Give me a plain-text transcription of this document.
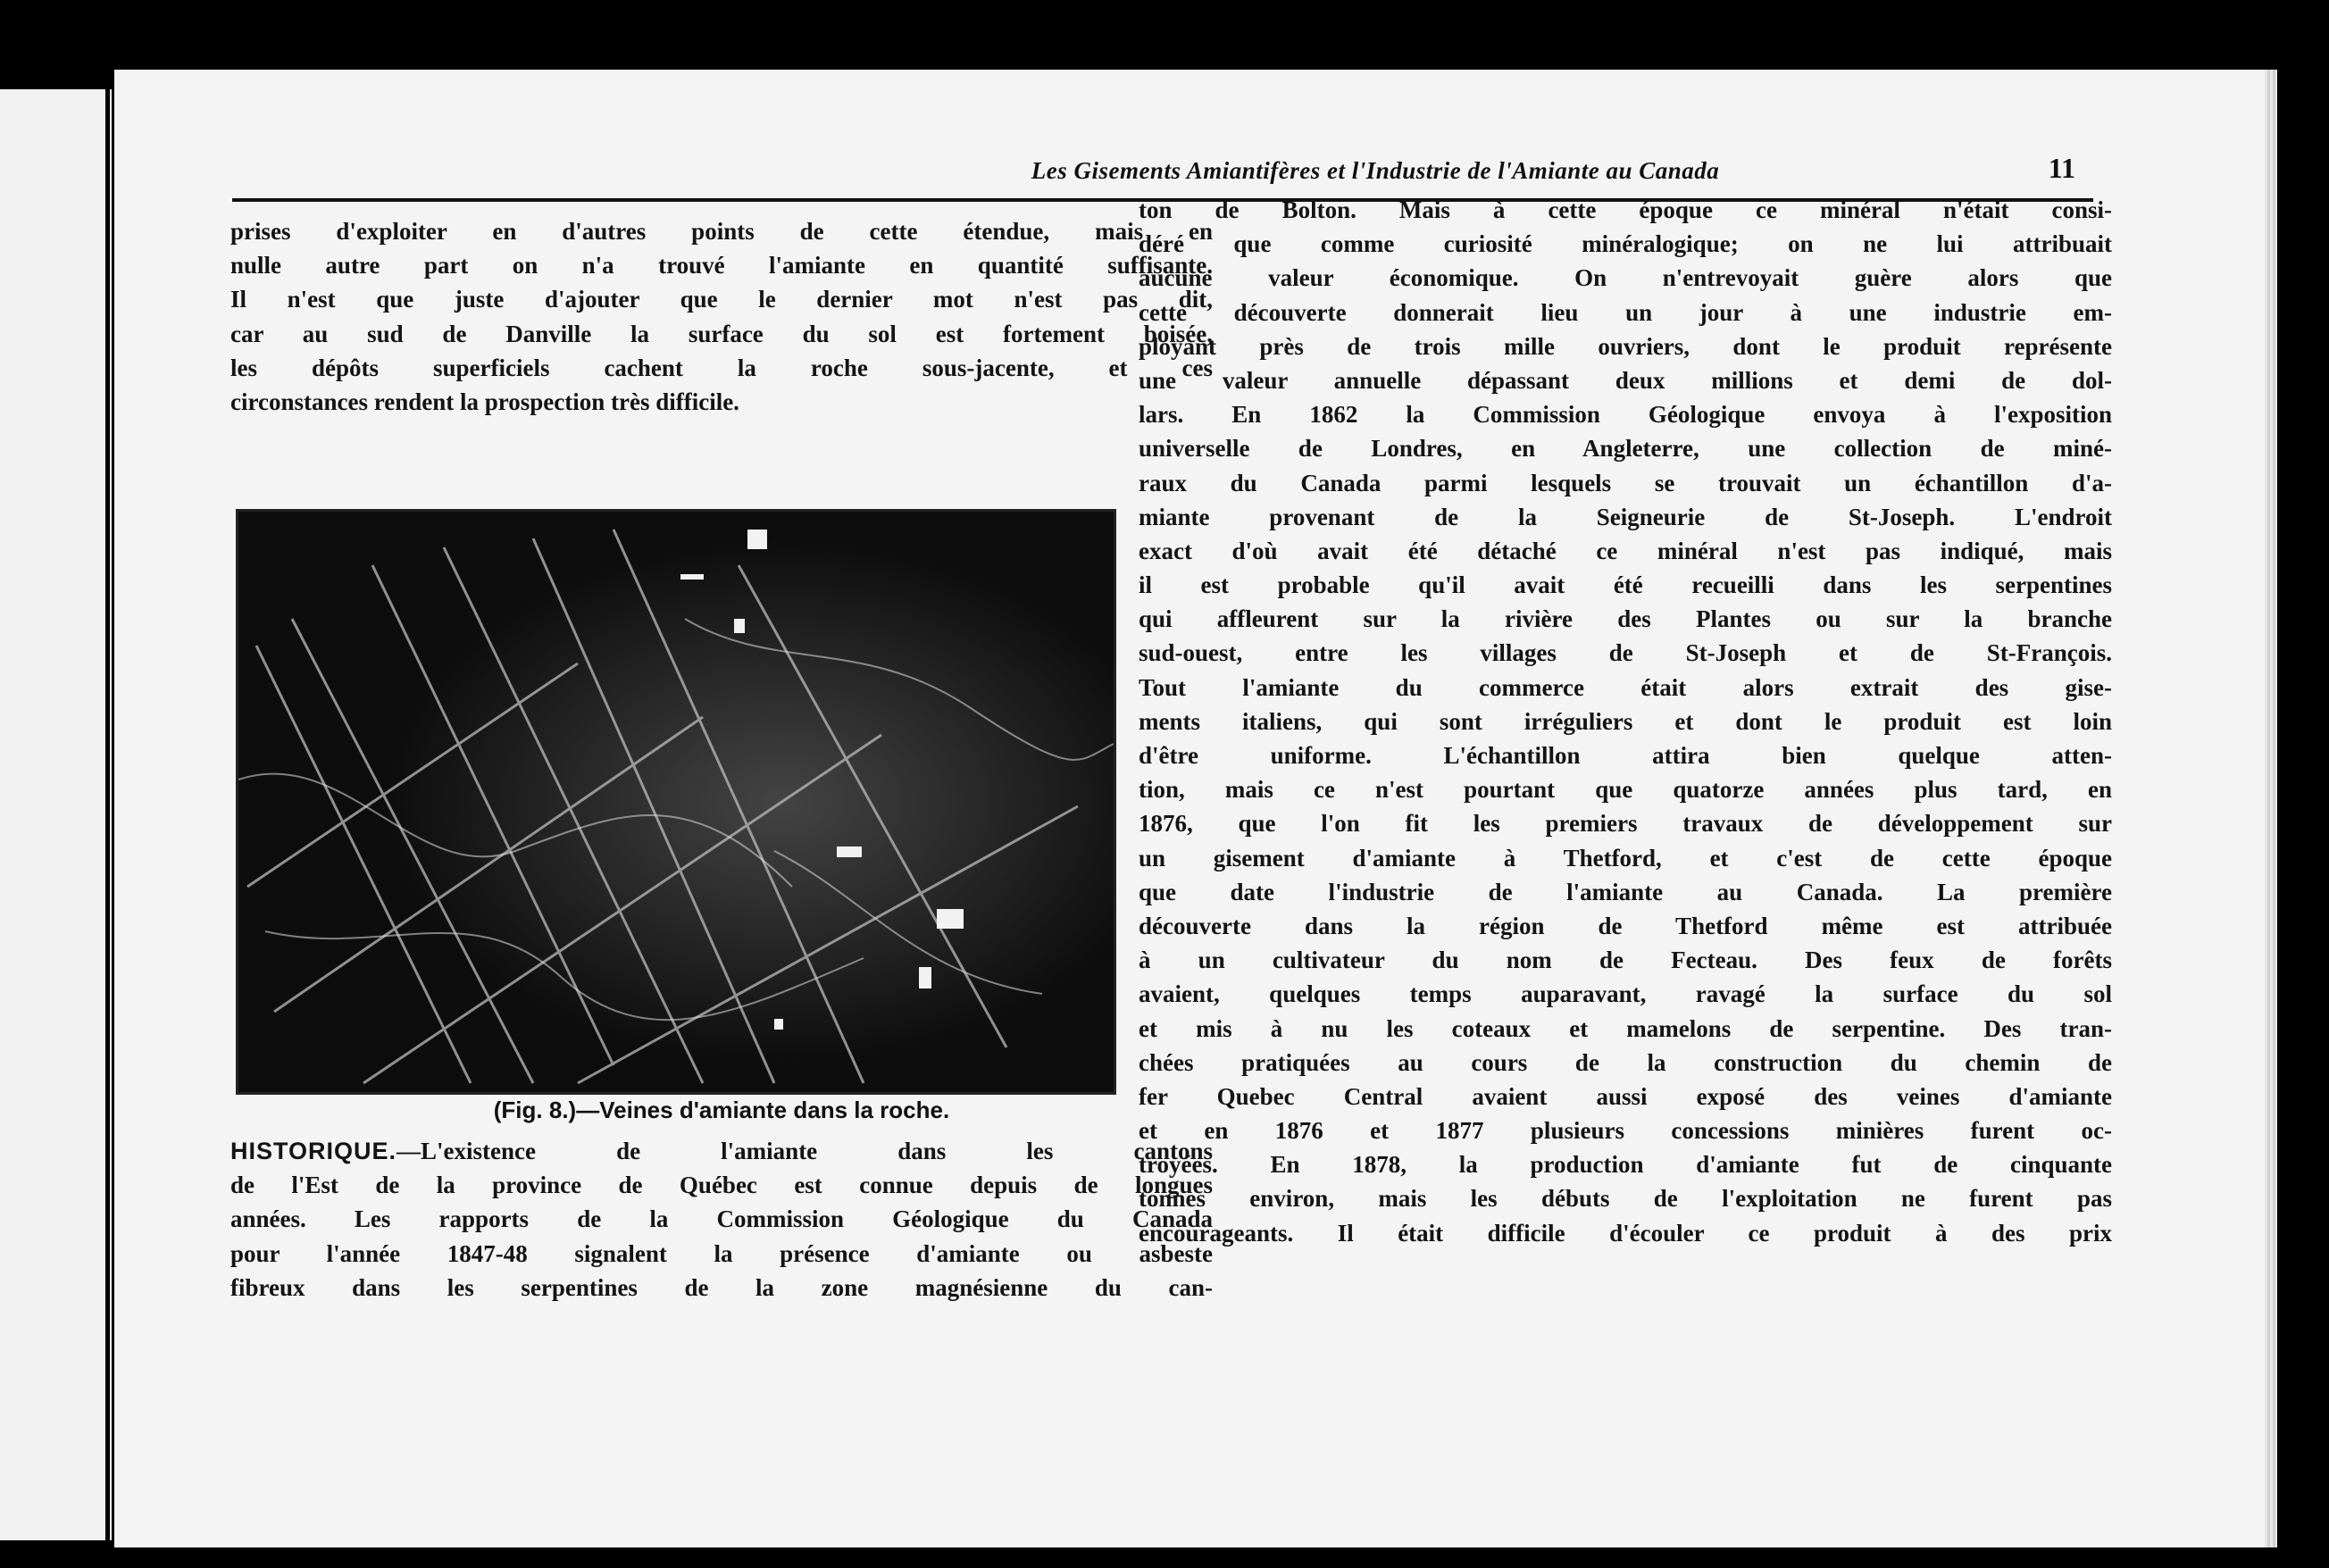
Les Gisements Amiantifères et l'Industrie de l'Amiante au Canada	11
prises d'exploiter en d'autres points de cette étendue, mais en
nulle autre part on n'a trouvé l'amiante en quantité suffisante.
Il n'est que juste d'ajouter que le dernier mot n'est pas dit,
car au sud de Danville la surface du sol est fortement boisée,
les dépôts superficiels cachent la roche sous-jacente, et ces
circonstances rendent la prospection très difficile.
(Fig. 8.)—Veines d'amiante dans la roche.
HISTORIQUE.—L'existence de l'amiante dans les cantons
de l'Est de la province de Québec est connue depuis de longues
années. Les rapports de la Commission Géologique du Canada
pour l'année 1847-48 signalent la présence d'amiante ou asbeste
fibreux dans les serpentines de la zone magnésienne du can-
ton de Bolton. Mais à cette époque ce minéral n'était consi-
déré que comme curiosité minéralogique; on ne lui attribuait
aucune valeur économique. On n'entrevoyait guère alors que
cette découverte donnerait lieu un jour à une industrie em-
ployant près de trois mille ouvriers, dont le produit représente
une valeur annuelle dépassant deux millions et demi de dol-
lars. En 1862 la Commission Géologique envoya à l'exposition
universelle de Londres, en Angleterre, une collection de miné-
raux du Canada parmi lesquels se trouvait un échantillon d'a-
miante provenant de la Seigneurie de St-Joseph. L'endroit
exact d'où avait été détaché ce minéral n'est pas indiqué, mais
il est probable qu'il avait été recueilli dans les serpentines
qui affleurent sur la rivière des Plantes ou sur la branche
sud-ouest, entre les villages de St-Joseph et de St-François.
Tout l'amiante du commerce était alors extrait des gise-
ments italiens, qui sont irréguliers et dont le produit est loin
d'être uniforme. L'échantillon attira bien quelque atten-
tion, mais ce n'est pourtant que quatorze années plus tard, en
1876, que l'on fit les premiers travaux de développement sur
un gisement d'amiante à Thetford, et c'est de cette époque
que date l'industrie de l'amiante au Canada. La première
découverte dans la région de Thetford même est attribuée
à un cultivateur du nom de Fecteau. Des feux de forêts
avaient, quelques temps auparavant, ravagé la surface du sol
et mis à nu les coteaux et mamelons de serpentine. Des tran-
chées pratiquées au cours de la construction du chemin de
fer Quebec Central avaient aussi exposé des veines d'amiante
et en 1876 et 1877 plusieurs concessions minières furent oc-
troyées. En 1878, la production d'amiante fut de cinquante
tonnes environ, mais les débuts de l'exploitation ne furent pas
encourageants. Il était difficile d'écouler ce produit à des prix
